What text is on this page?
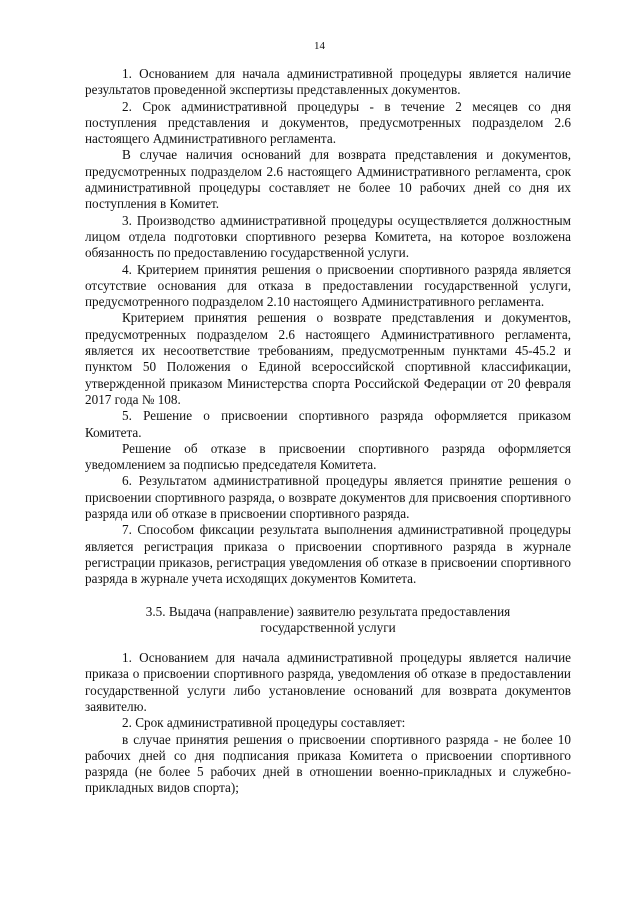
14

1. Основанием для начала административной процедуры является наличие результатов проведенной экспертизы представленных документов.

2. Срок административной процедуры - в течение 2 месяцев со дня поступления представления и документов, предусмотренных подразделом 2.6 настоящего Административного регламента.

В случае наличия оснований для возврата представления и документов, предусмотренных подразделом 2.6 настоящего Административного регламента, срок административной процедуры составляет не более 10 рабочих дней со дня их поступления в Комитет.

3. Производство административной процедуры осуществляется должностным лицом отдела подготовки спортивного резерва Комитета, на которое возложена обязанность по предоставлению государственной услуги.

4. Критерием принятия решения о присвоении спортивного разряда является отсутствие основания для отказа в предоставлении государственной услуги, предусмотренного подразделом 2.10 настоящего Административного регламента.

Критерием принятия решения о возврате представления и документов, предусмотренных подразделом 2.6 настоящего Административного регламента, является их несоответствие требованиям, предусмотренным пунктами 45-45.2 и пунктом 50 Положения о Единой всероссийской спортивной классификации, утвержденной приказом Министерства спорта Российской Федерации от 20 февраля 2017 года № 108.

5. Решение о присвоении спортивного разряда оформляется приказом Комитета.

Решение об отказе в присвоении спортивного разряда оформляется уведомлением за подписью председателя Комитета.

6. Результатом административной процедуры является принятие решения о присвоении спортивного разряда, о возврате документов для присвоения спортивного разряда или об отказе в присвоении спортивного разряда.

7. Способом фиксации результата выполнения административной процедуры является регистрация приказа о присвоении спортивного разряда в журнале регистрации приказов, регистрация уведомления об отказе в присвоении спортивного разряда в журнале учета исходящих документов Комитета.

3.5. Выдача (направление) заявителю результата предоставления
государственной услуги

1. Основанием для начала административной процедуры является наличие приказа о присвоении спортивного разряда, уведомления об отказе в предоставлении государственной услуги либо установление оснований для возврата документов заявителю.

2. Срок административной процедуры составляет:

в случае принятия решения о присвоении спортивного разряда - не более 10 рабочих дней со дня подписания приказа Комитета о присвоении спортивного разряда (не более 5 рабочих дней в отношении военно-прикладных и служебно-прикладных видов спорта);
